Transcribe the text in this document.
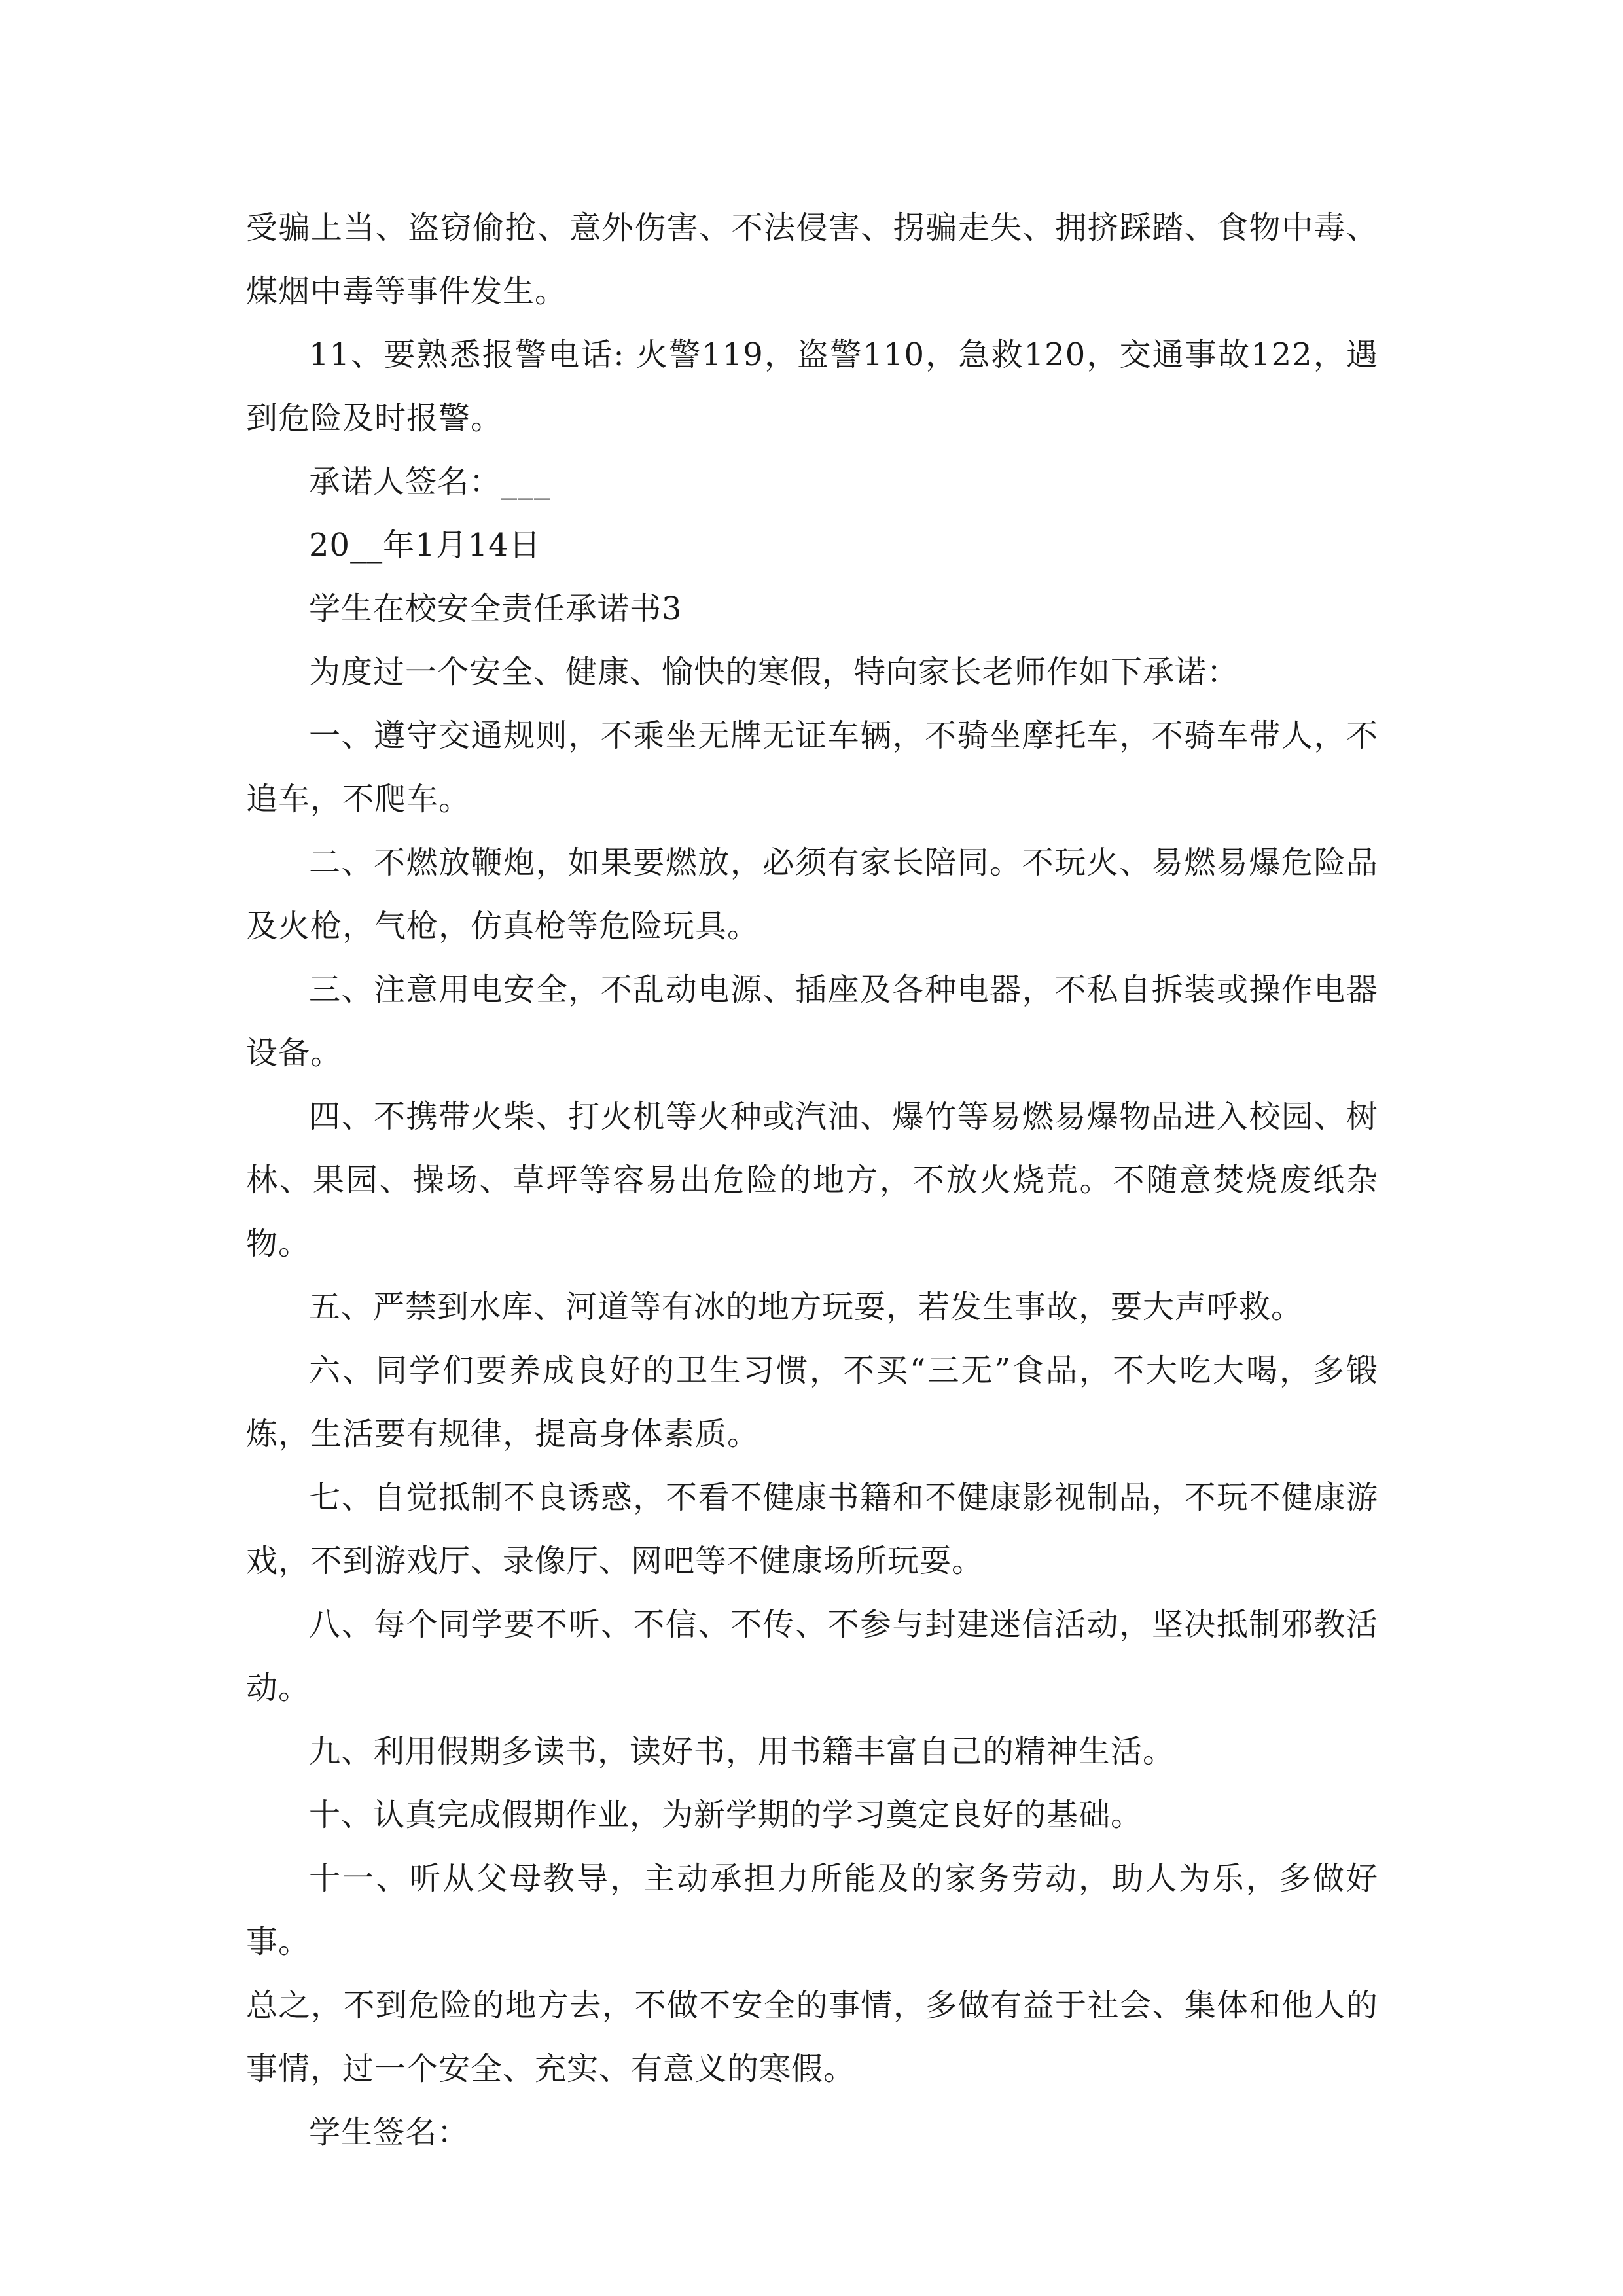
受骗上当、盗窃偷抢、意外伤害、不法侵害、拐骗走失、拥挤踩踏、食物中毒、煤烟中毒等事件发生。

11、要熟悉报警电话: 火警119，盗警110，急救120，交通事故122，遇到危险及时报警。

承诺人签名：___

20__年1月14日

学生在校安全责任承诺书3

为度过一个安全、健康、愉快的寒假，特向家长老师作如下承诺：

一、遵守交通规则，不乘坐无牌无证车辆，不骑坐摩托车，不骑车带人，不追车，不爬车。

二、不燃放鞭炮，如果要燃放，必须有家长陪同。不玩火、易燃易爆危险品及火枪，气枪，仿真枪等危险玩具。

三、注意用电安全，不乱动电源、插座及各种电器，不私自拆装或操作电器设备。

四、不携带火柴、打火机等火种或汽油、爆竹等易燃易爆物品进入校园、树林、果园、操场、草坪等容易出危险的地方，不放火烧荒。不随意焚烧废纸杂物。

五、严禁到水库、河道等有冰的地方玩耍，若发生事故，要大声呼救。

六、同学们要养成良好的卫生习惯，不买“三无”食品，不大吃大喝，多锻炼，生活要有规律，提高身体素质。

七、自觉抵制不良诱惑，不看不健康书籍和不健康影视制品，不玩不健康游戏，不到游戏厅、录像厅、网吧等不健康场所玩耍。

八、每个同学要不听、不信、不传、不参与封建迷信活动，坚决抵制邪教活动。

九、利用假期多读书，读好书，用书籍丰富自己的精神生活。

十、认真完成假期作业，为新学期的学习奠定良好的基础。

十一、听从父母教导，主动承担力所能及的家务劳动，助人为乐，多做好事。

总之，不到危险的地方去，不做不安全的事情，多做有益于社会、集体和他人的事情，过一个安全、充实、有意义的寒假。

学生签名：
